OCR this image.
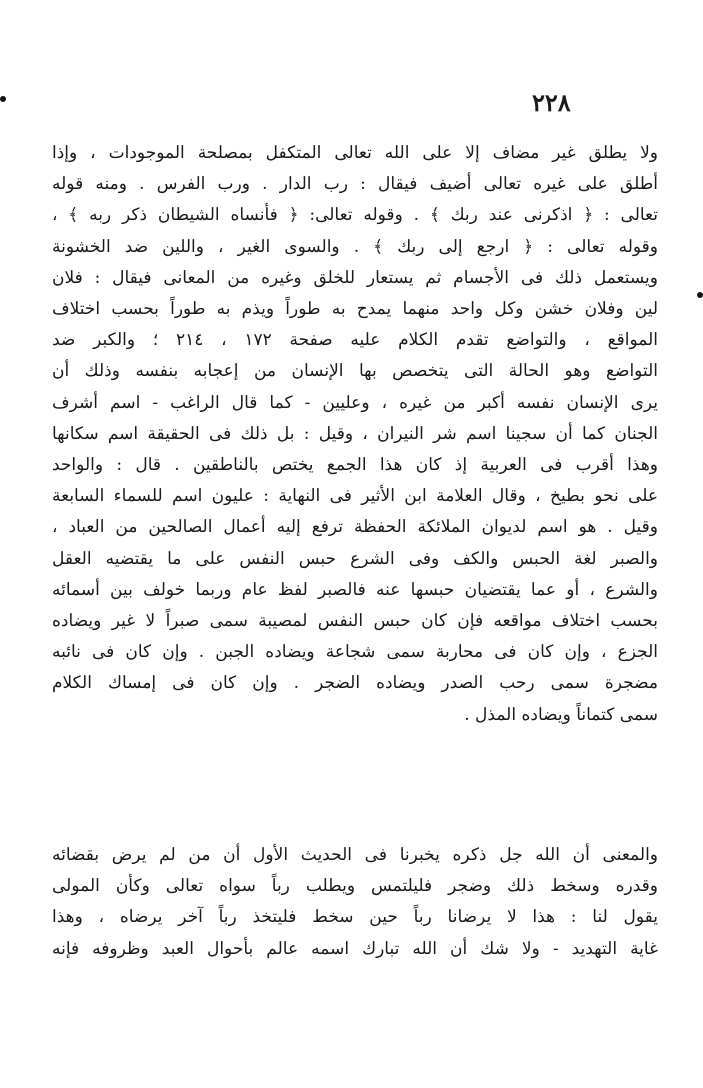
٢٢٨
ولا يطلق غير مضاف إلا على الله تعالى المتكفل بمصلحة الموجودات ، وإذا
أطلق على غيره تعالى أضيف فيقال : رب الدار . ورب الفرس . ومنه قوله
تعالى : ﴿ اذكرنى عند ربك ﴾ . وقوله تعالى: ﴿ فأنساه الشيطان ذكر ربه ﴾ ،
وقوله تعالى : ﴿ ارجع إلى ربك ﴾ . والسوى الغير ، واللين ضد الخشونة
ويستعمل ذلك فى الأجسام ثم يستعار للخلق وغيره من المعانى فيقال : فلان
لين وفلان خشن وكل واحد منهما يمدح به طوراً ويذم به طوراً بحسب اختلاف
المواقع ، والتواضع تقدم الكلام عليه صفحة ١٧٢ ، ٢١٤ ؛ والكبر ضد
التواضع وهو الحالة التى يتخصص بها الإنسان من إعجابه بنفسه وذلك أن
يرى الإنسان نفسه أكبر من غيره ، وعليين - كما قال الراغب - اسم أشرف
الجنان كما أن سجينا اسم شر النيران ، وقيل : بل ذلك فى الحقيقة اسم سكانها
وهذا أقرب فى العربية إذ كان هذا الجمع يختص بالناطقين . قال : والواحد
على نحو بطيخ ، وقال العلامة ابن الأثير فى النهاية : عليون اسم للسماء السابعة
وقيل . هو اسم لديوان الملائكة الحفظة ترفع إليه أعمال الصالحين من العباد ،
والصبر لغة الحبس والكف وفى الشرع حبس النفس على ما يقتضيه العقل
والشرع ، أو عما يقتضيان حبسها عنه فالصبر لفظ عام وربما خولف بين أسمائه
بحسب اختلاف مواقعه فإن كان حبس النفس لمصيبة سمى صبراً لا غير ويضاده
الجزع ، وإن كان فى محاربة سمى شجاعة ويضاده الجبن . وإن كان فى نائبه
مضجرة سمى رحب الصدر ويضاده الضجر . وإن كان فى إمساك الكلام
سمى كتماناً ويضاده المذل .
والمعنى أن الله جل ذكره يخبرنا فى الحديث الأول أن من لم يرض بقضائه
وقدره وسخط ذلك وضجر فليلتمس ويطلب رباً سواه تعالى وكأن المولى
يقول لنا : هذا لا يرضانا رباً حين سخط فليتخذ رباً آخر يرضاه ، وهذا
غاية التهديد - ولا شك أن الله تبارك اسمه عالم بأحوال العبد وظروفه فإنه
